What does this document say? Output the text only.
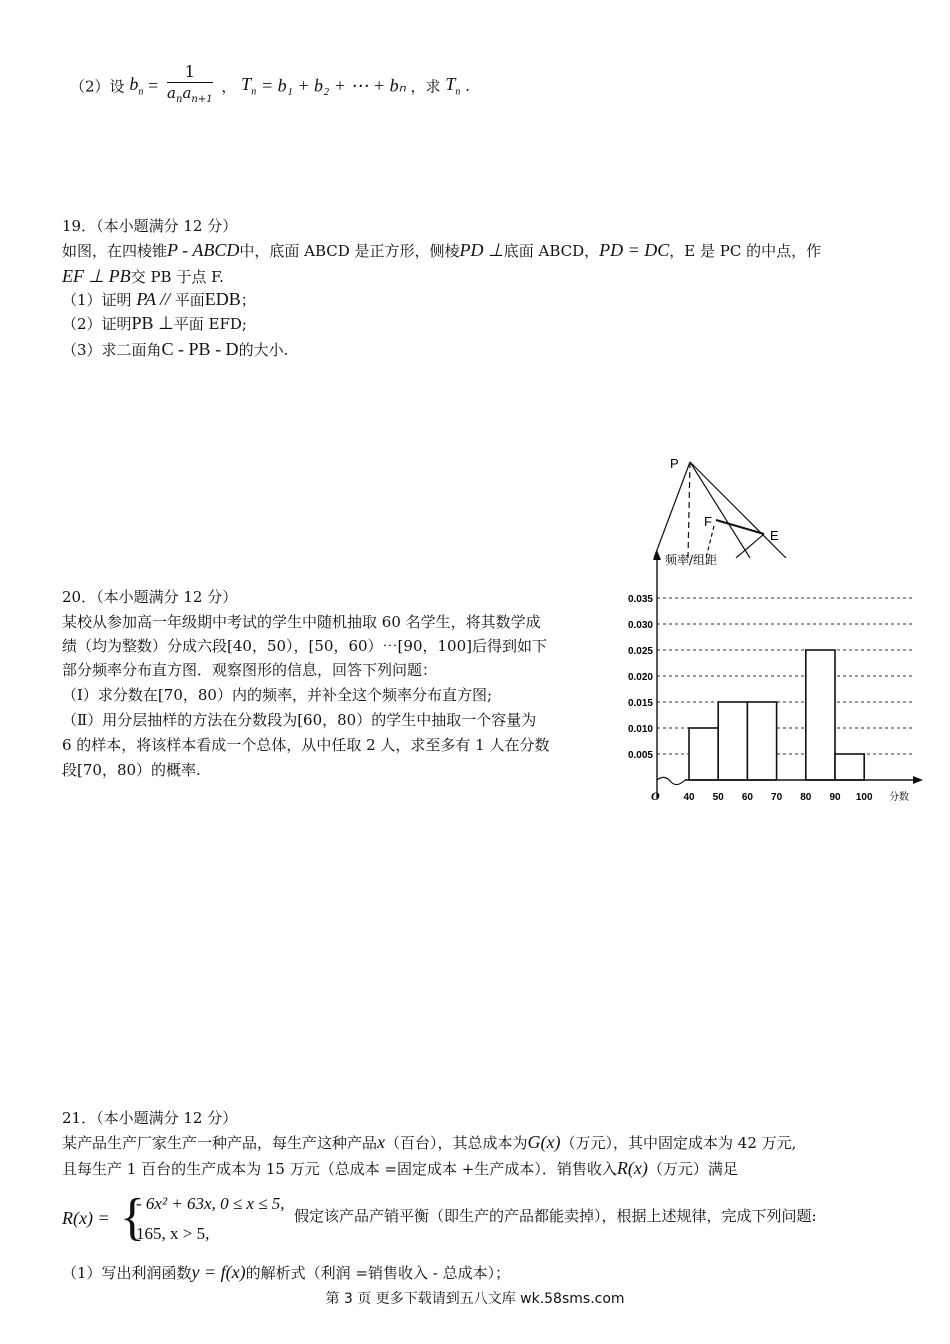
（2）设 $b_n = \frac{1}{a_na_{n+1}}$ ， $T_n = b_1 + b_2$ + ⋯ + bₙ ，求 $T_n$ .
19．（本小题满分 12 分）
如图，在四棱锥P - ABCD中，底面 ABCD 是正方形，侧棱PD ⊥底面 ABCD，PD = DC，E 是 PC 的中点，作
EF ⊥ PB交 PB 于点 F.
（1）证明 PA // 平面EDB；
（2）证明PB ⊥平面 EFD;
（3）求二面角C - PB - D的大小.
P
F
E
0.005
0.010
0.015
0.020
0.025
0.030
0.035
40 50 60 70 80 90 100
频率/组距
分数
O
20．（本小题满分 12 分）
某校从参加高一年级期中考试的学生中随机抽取 60 名学生，将其数学成
绩（均为整数）分成六段[40，50），[50，60）⋯[90，100]后得到如下
部分频率分布直方图．观察图形的信息，回答下列问题：
（Ⅰ）求分数在[70，80）内的频率，并补全这个频率分布直方图;
（Ⅱ）用分层抽样的方法在分数段为[60，80）的学生中抽取一个容量为
6 的样本，将该样本看成一个总体，从中任取 2 人，求至多有 1 人在分数
段[70，80）的概率.
21．（本小题满分 12 分）
某产品生产厂家生产一种产品，每生产这种产品x（百台），其总成本为G(x)（万元），其中固定成本为 42 万元,
且每生产 1 百台的生产成本为 15 万元（总成本 =固定成本 +生产成本）．销售收入R(x)（万元）满足
R(x) = {
- 6x² + 63x, 0 ≤ x ≤ 5,
165, x > 5,
假定该产品产销平衡（即生产的产品都能卖掉），根据上述规律，完成下列问题:
（1）写出利润函数y = f(x)的解析式（利润 =销售收入 - 总成本）；
第 3 页 更多下载请到五八文库 wk.58sms.com
